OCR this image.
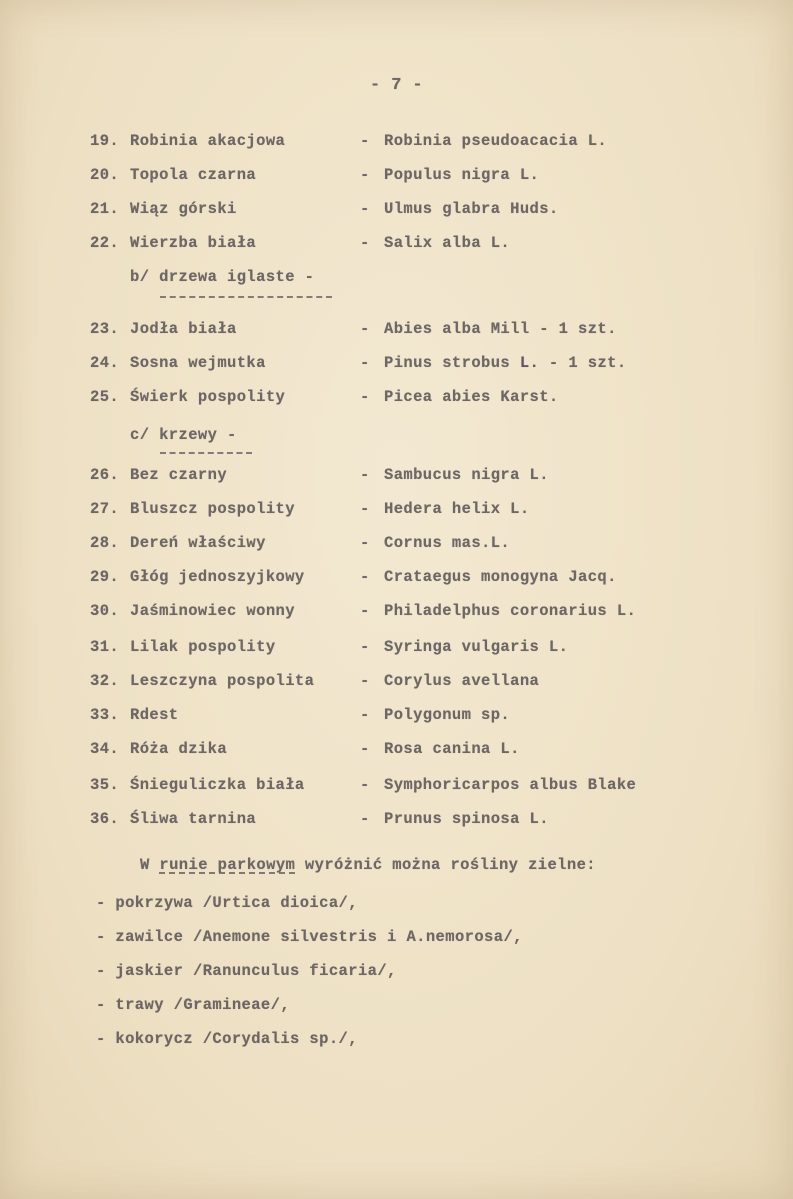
- 7 -
19. Robinia akacjowa	- Robinia pseudoacacia L.
20. Topola czarna	- Populus nigra L.
21. Wiąz górski	- Ulmus glabra Huds.
22. Wierzba biała	- Salix alba L.
b/ drzewa iglaste -
23. Jodła biała	- Abies alba Mill - 1 szt.
24. Sosna wejmutka	- Pinus strobus L. - 1 szt.
25. Świerk pospolity	- Picea abies Karst.
c/ krzewy -
26. Bez czarny	- Sambucus nigra L.
27. Bluszcz pospolity	- Hedera helix L.
28. Dereń właściwy	- Cornus mas.L.
29. Głóg jednoszyjkowy	- Crataegus monogyna Jacq.
30. Jaśminowiec wonny	- Philadelphus coronarius L.
31. Lilak pospolity	- Syringa vulgaris L.
32. Leszczyna pospolita	- Corylus avellana
33. Rdest	- Polygonum sp.
34. Róża dzika	- Rosa canina L.
35. Śnieguliczka biała	- Symphoricarpos albus Blake
36. Śliwa tarnina	- Prunus spinosa L.
W runie parkowym wyróżnić można rośliny zielne:
- pokrzywa /Urtica dioica/,
- zawilce /Anemone silvestris i A.nemorosa/,
- jaskier /Ranunculus ficaria/,
- trawy /Gramineae/,
- kokorycz /Corydalis sp./,
